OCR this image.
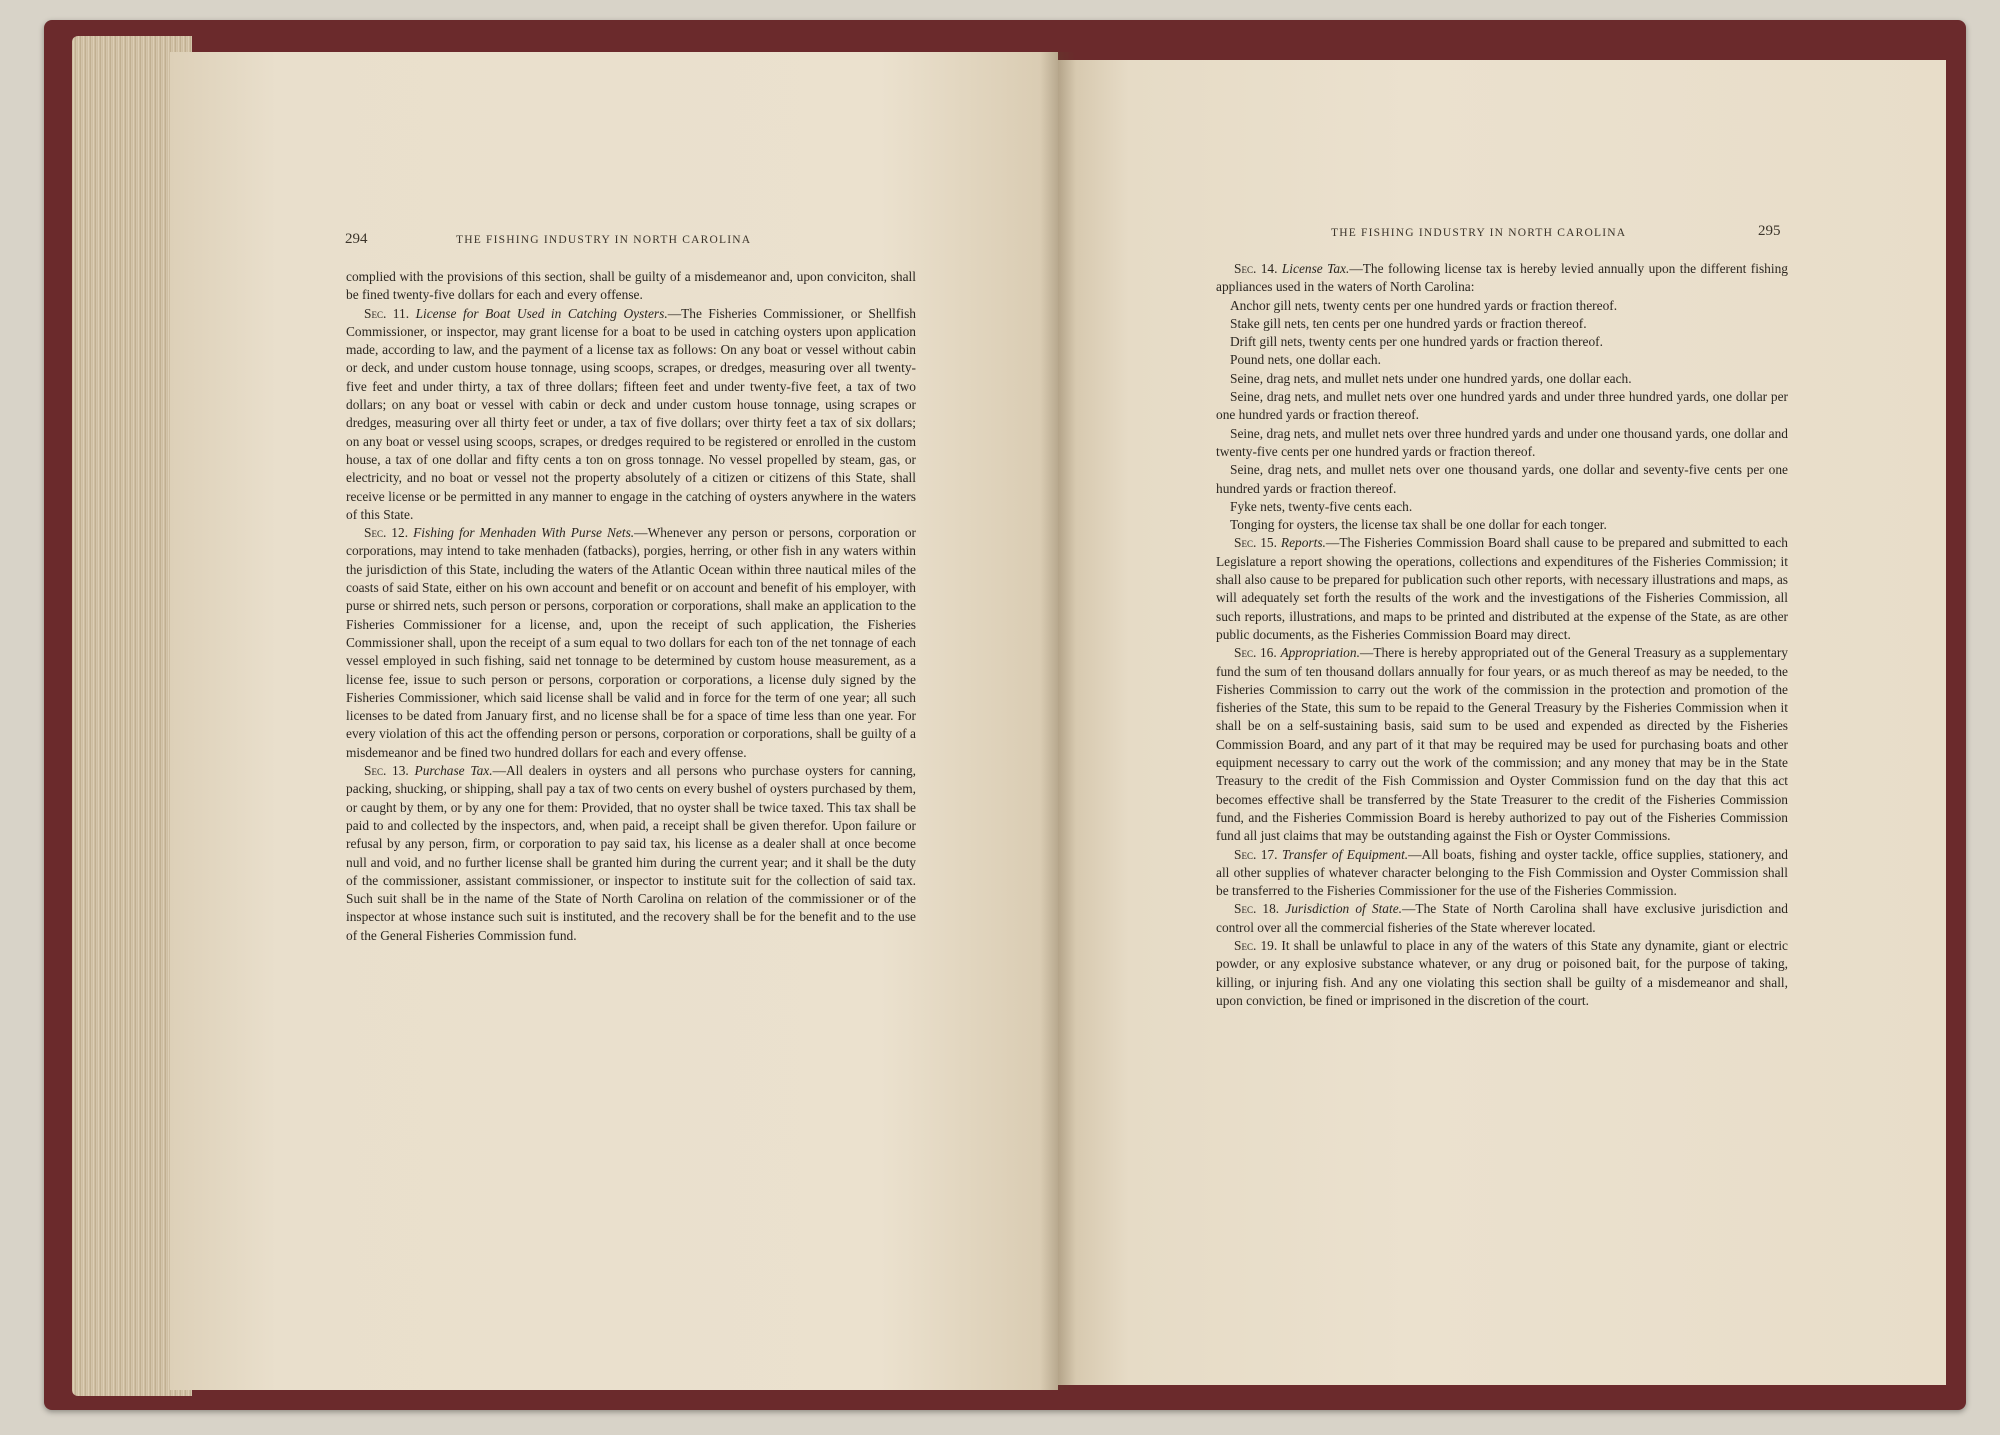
294	THE FISHING INDUSTRY IN NORTH CAROLINA
THE FISHING INDUSTRY IN NORTH CAROLINA	295

complied with the provisions of this section, shall be guilty of a misdemeanor and, upon conviciton, shall be fined twenty-five dollars for each and every offense.

Sec. 11. License for Boat Used in Catching Oysters.—The Fisheries Commissioner, or Shellfish Commissioner, or inspector, may grant license for a boat to be used in catching oysters upon application made, according to law, and the payment of a license tax as follows: On any boat or vessel without cabin or deck, and under custom house tonnage, using scoops, scrapes, or dredges, measuring over all twenty-five feet and under thirty, a tax of three dollars; fifteen feet and under twenty-five feet, a tax of two dollars; on any boat or vessel with cabin or deck and under custom house tonnage, using scrapes or dredges, measuring over all thirty feet or under, a tax of five dollars; over thirty feet a tax of six dollars; on any boat or vessel using scoops, scrapes, or dredges required to be registered or enrolled in the custom house, a tax of one dollar and fifty cents a ton on gross tonnage. No vessel propelled by steam, gas, or electricity, and no boat or vessel not the property absolutely of a citizen or citizens of this State, shall receive license or be permitted in any manner to engage in the catching of oysters anywhere in the waters of this State.

Sec. 12. Fishing for Menhaden With Purse Nets.—Whenever any person or persons, corporation or corporations, may intend to take menhaden (fatbacks), porgies, herring, or other fish in any waters within the jurisdiction of this State, including the waters of the Atlantic Ocean within three nautical miles of the coasts of said State, either on his own account and benefit or on account and benefit of his employer, with purse or shirred nets, such person or persons, corporation or corporations, shall make an application to the Fisheries Commissioner for a license, and, upon the receipt of such application, the Fisheries Commissioner shall, upon the receipt of a sum equal to two dollars for each ton of the net tonnage of each vessel employed in such fishing, said net tonnage to be determined by custom house measurement, as a license fee, issue to such person or persons, corporation or corporations, a license duly signed by the Fisheries Commissioner, which said license shall be valid and in force for the term of one year; all such licenses to be dated from January first, and no license shall be for a space of time less than one year. For every violation of this act the offending person or persons, corporation or corporations, shall be guilty of a misdemeanor and be fined two hundred dollars for each and every offense.

Sec. 13. Purchase Tax.—All dealers in oysters and all persons who purchase oysters for canning, packing, shucking, or shipping, shall pay a tax of two cents on every bushel of oysters purchased by them, or caught by them, or by any one for them: Provided, that no oyster shall be twice taxed. This tax shall be paid to and collected by the inspectors, and, when paid, a receipt shall be given therefor. Upon failure or refusal by any person, firm, or corporation to pay said tax, his license as a dealer shall at once become null and void, and no further license shall be granted him during the current year; and it shall be the duty of the commissioner, assistant commissioner, or inspector to institute suit for the collection of said tax. Such suit shall be in the name of the State of North Carolina on relation of the commissioner or of the inspector at whose instance such suit is instituted, and the recovery shall be for the benefit and to the use of the General Fisheries Commission fund.

Sec. 14. License Tax.—The following license tax is hereby levied annually upon the different fishing appliances used in the waters of North Carolina:

Anchor gill nets, twenty cents per one hundred yards or fraction thereof.

Stake gill nets, ten cents per one hundred yards or fraction thereof.

Drift gill nets, twenty cents per one hundred yards or fraction thereof.

Pound nets, one dollar each.

Seine, drag nets, and mullet nets under one hundred yards, one dollar each.

Seine, drag nets, and mullet nets over one hundred yards and under three hundred yards, one dollar per one hundred yards or fraction thereof.

Seine, drag nets, and mullet nets over three hundred yards and under one thousand yards, one dollar and twenty-five cents per one hundred yards or fraction thereof.

Seine, drag nets, and mullet nets over one thousand yards, one dollar and seventy-five cents per one hundred yards or fraction thereof.

Fyke nets, twenty-five cents each.

Tonging for oysters, the license tax shall be one dollar for each tonger.

Sec. 15. Reports.—The Fisheries Commission Board shall cause to be prepared and submitted to each Legislature a report showing the operations, collections and expenditures of the Fisheries Commission; it shall also cause to be prepared for publication such other reports, with necessary illustrations and maps, as will adequately set forth the results of the work and the investigations of the Fisheries Commission, all such reports, illustrations, and maps to be printed and distributed at the expense of the State, as are other public documents, as the Fisheries Commission Board may direct.

Sec. 16. Appropriation.—There is hereby appropriated out of the General Treasury as a supplementary fund the sum of ten thousand dollars annually for four years, or as much thereof as may be needed, to the Fisheries Commission to carry out the work of the commission in the protection and promotion of the fisheries of the State, this sum to be repaid to the General Treasury by the Fisheries Commission when it shall be on a self-sustaining basis, said sum to be used and expended as directed by the Fisheries Commission Board, and any part of it that may be required may be used for purchasing boats and other equipment necessary to carry out the work of the commission; and any money that may be in the State Treasury to the credit of the Fish Commission and Oyster Commission fund on the day that this act becomes effective shall be transferred by the State Treasurer to the credit of the Fisheries Commission fund, and the Fisheries Commission Board is hereby authorized to pay out of the Fisheries Commission fund all just claims that may be outstanding against the Fish or Oyster Commissions.

Sec. 17. Transfer of Equipment.—All boats, fishing and oyster tackle, office supplies, stationery, and all other supplies of whatever character belonging to the Fish Commission and Oyster Commission shall be transferred to the Fisheries Commissioner for the use of the Fisheries Commission.

Sec. 18. Jurisdiction of State.—The State of North Carolina shall have exclusive jurisdiction and control over all the commercial fisheries of the State wherever located.

Sec. 19. It shall be unlawful to place in any of the waters of this State any dynamite, giant or electric powder, or any explosive substance whatever, or any drug or poisoned bait, for the purpose of taking, killing, or injuring fish. And any one violating this section shall be guilty of a misdemeanor and shall, upon conviction, be fined or imprisoned in the discretion of the court.
